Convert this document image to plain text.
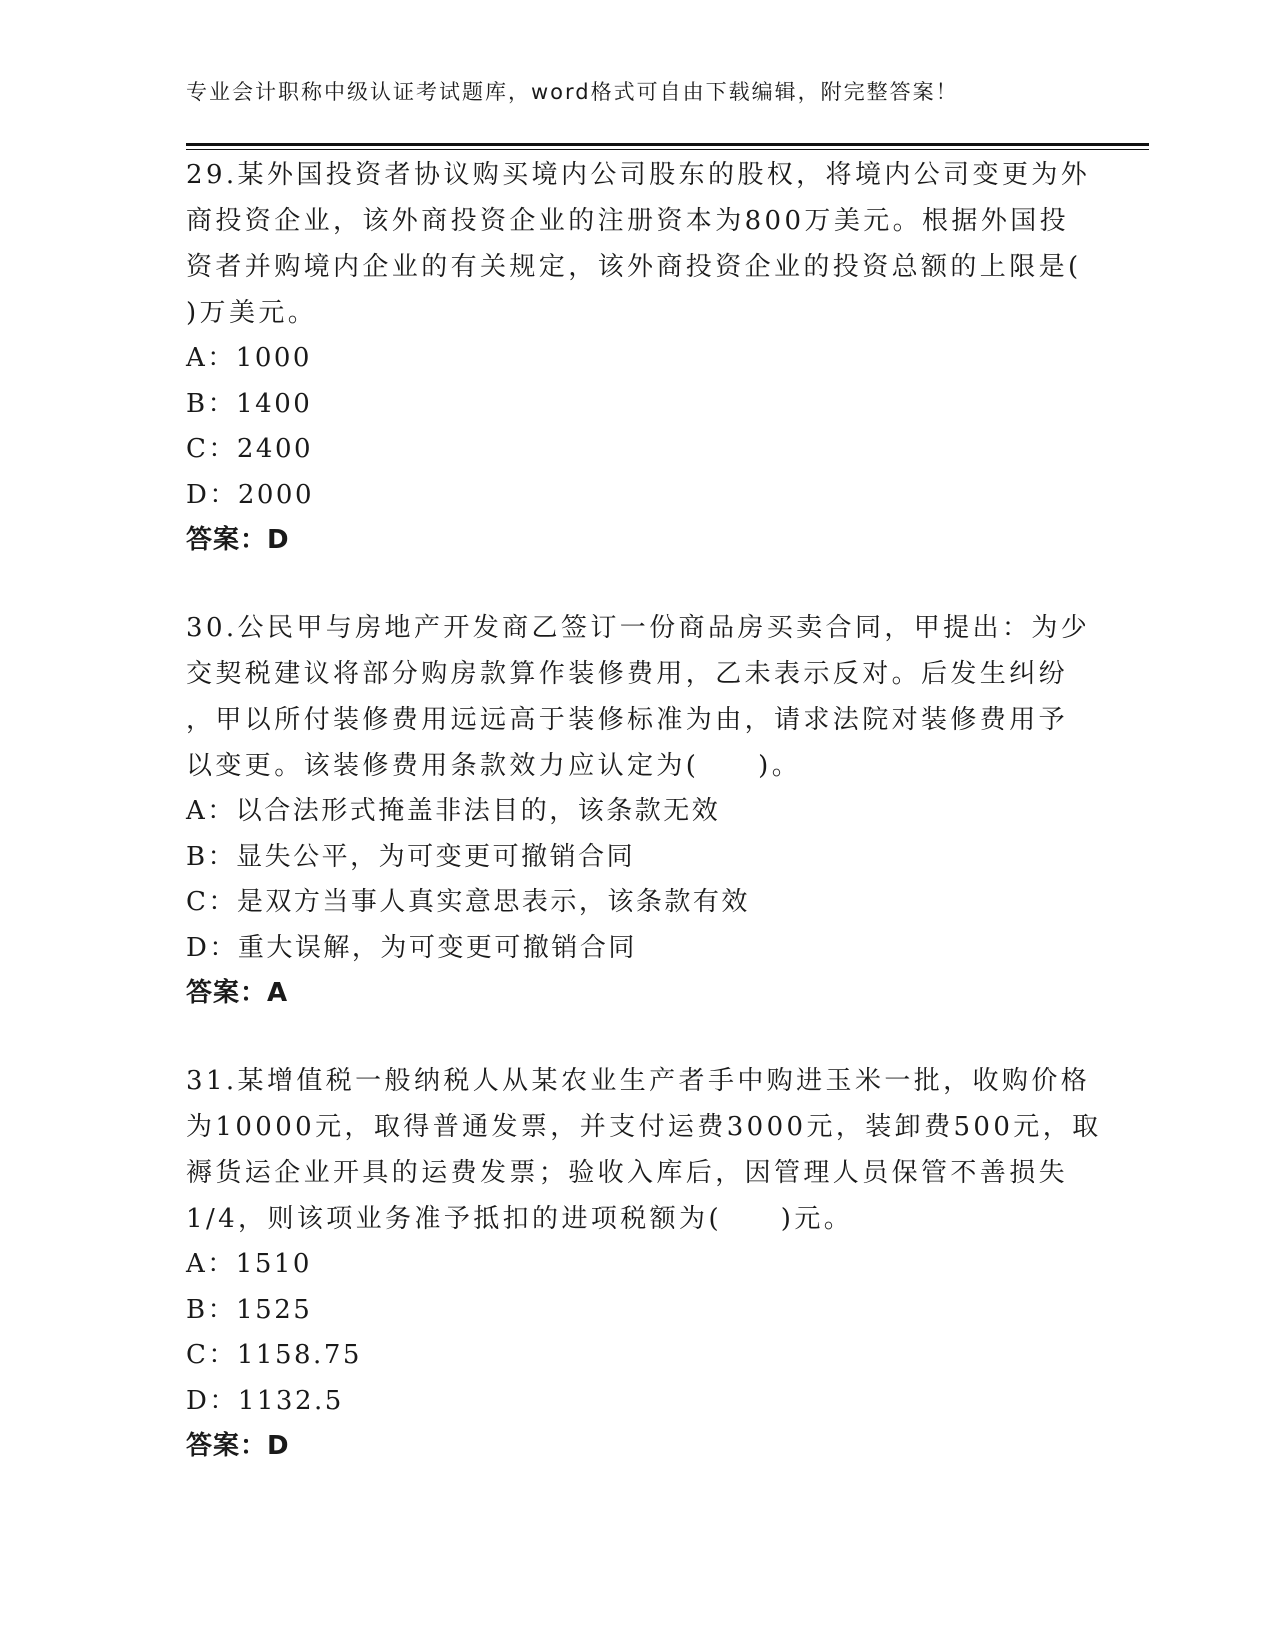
专业会计职称中级认证考试题库，word格式可自由下载编辑，附完整答案！
29.某外国投资者协议购买境内公司股东的股权，将境内公司变更为外
商投资企业，该外商投资企业的注册资本为800万美元。根据外国投
资者并购境内企业的有关规定，该外商投资企业的投资总额的上限是(
)万美元。
A：1000
B：1400
C：2400
D：2000
答案：D
30.公民甲与房地产开发商乙签订一份商品房买卖合同，甲提出：为少
交契税建议将部分购房款算作装修费用，乙未表示反对。后发生纠纷
，甲以所付装修费用远远高于装修标准为由，请求法院对装修费用予
以变更。该装修费用条款效力应认定为(　　)。
A：以合法形式掩盖非法目的，该条款无效
B：显失公平，为可变更可撤销合同
C：是双方当事人真实意思表示，该条款有效
D：重大误解，为可变更可撤销合同
答案：A
31.某增值税一般纳税人从某农业生产者手中购进玉米一批，收购价格
为10000元，取得普通发票，并支付运费3000元，装卸费500元，取
褥货运企业开具的运费发票；验收入库后，因管理人员保管不善损失
1/4，则该项业务准予抵扣的进项税额为(　　)元。
A：1510
B：1525
C：1158.75
D：1132.5
答案：D
